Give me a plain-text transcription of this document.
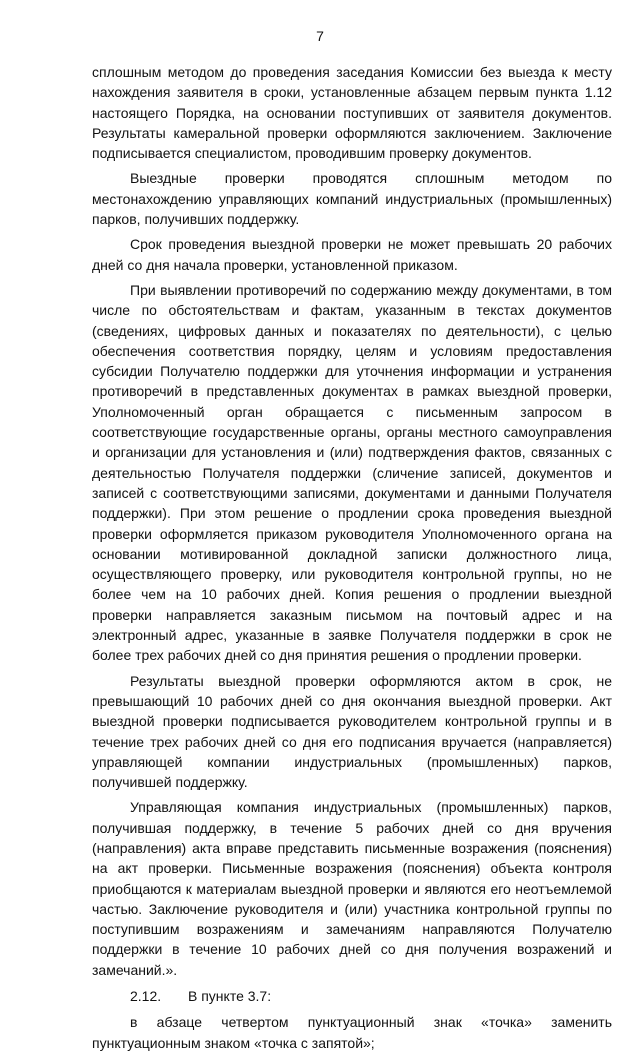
7

сплошным методом до проведения заседания Комиссии без выезда к месту нахождения заявителя в сроки, установленные абзацем первым пункта 1.12 настоящего Порядка, на основании поступивших от заявителя документов. Результаты камеральной проверки оформляются заключением. Заключение подписывается специалистом, проводившим проверку документов.

Выездные проверки проводятся сплошным методом по местонахождению управляющих компаний индустриальных (промышленных) парков, получивших поддержку.

Срок проведения выездной проверки не может превышать 20 рабочих дней со дня начала проверки, установленной приказом.

При выявлении противоречий по содержанию между документами, в том числе по обстоятельствам и фактам, указанным в текстах документов (сведениях, цифровых данных и показателях по деятельности), с целью обеспечения соответствия порядку, целям и условиям предоставления субсидии Получателю поддержки для уточнения информации и устранения противоречий в представленных документах в рамках выездной проверки, Уполномоченный орган обращается с письменным запросом в соответствующие государственные органы, органы местного самоуправления и организации для установления и (или) подтверждения фактов, связанных с деятельностью Получателя поддержки (сличение записей, документов и записей с соответствующими записями, документами и данными Получателя поддержки). При этом решение о продлении срока проведения выездной проверки оформляется приказом руководителя Уполномоченного органа на основании мотивированной докладной записки должностного лица, осуществляющего проверку, или руководителя контрольной группы, но не более чем на 10 рабочих дней. Копия решения о продлении выездной проверки направляется заказным письмом на почтовый адрес и на электронный адрес, указанные в заявке Получателя поддержки в срок не более трех рабочих дней со дня принятия решения о продлении проверки.

Результаты выездной проверки оформляются актом в срок, не превышающий 10 рабочих дней со дня окончания выездной проверки. Акт выездной проверки подписывается руководителем контрольной группы и в течение трех рабочих дней со дня его подписания вручается (направляется) управляющей компании индустриальных (промышленных) парков, получившей поддержку.

Управляющая компания индустриальных (промышленных) парков, получившая поддержку, в течение 5 рабочих дней со дня вручения (направления) акта вправе представить письменные возражения (пояснения) на акт проверки. Письменные возражения (пояснения) объекта контроля приобщаются к материалам выездной проверки и являются его неотъемлемой частью. Заключение руководителя и (или) участника контрольной группы по поступившим возражениям и замечаниям направляются Получателю поддержки в течение 10 рабочих дней со дня получения возражений и замечаний.».

2.12. В пункте 3.7:

в абзаце четвертом пунктуационный знак «точка» заменить пунктуационным знаком «точка с запятой»;
